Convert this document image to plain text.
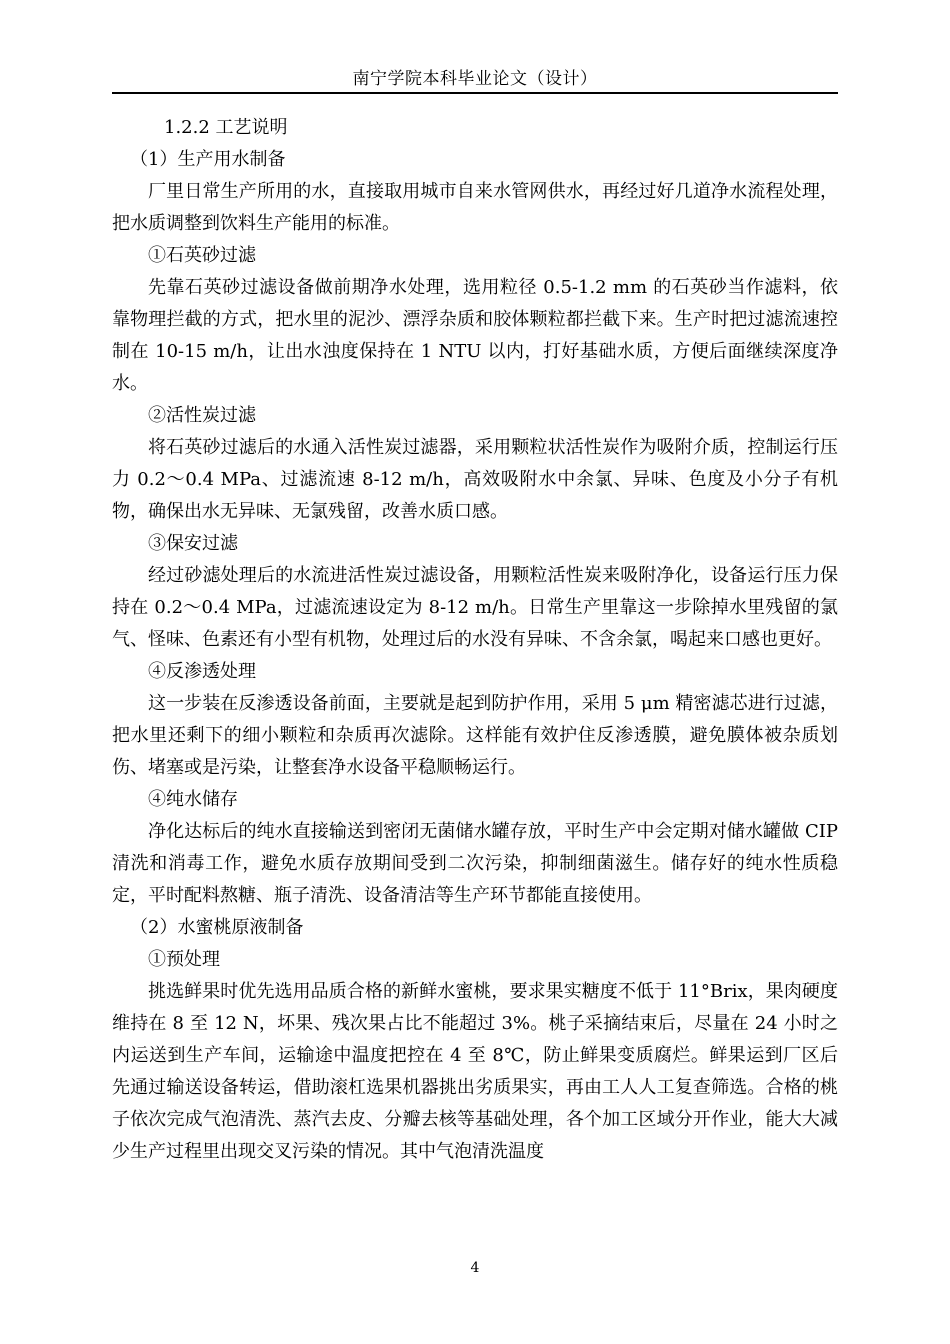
南宁学院本科毕业论文（设计）

1.2.2 工艺说明

（1）生产用水制备

厂里日常生产所用的水，直接取用城市自来水管网供水，再经过好几道净水流程处理，把水质调整到饮料生产能用的标准。

①石英砂过滤

先靠石英砂过滤设备做前期净水处理，选用粒径 0.5-1.2 mm 的石英砂当作滤料，依靠物理拦截的方式，把水里的泥沙、漂浮杂质和胶体颗粒都拦截下来。生产时把过滤流速控制在 10-15 m/h，让出水浊度保持在 1 NTU 以内，打好基础水质，方便后面继续深度净水。

②活性炭过滤

将石英砂过滤后的水通入活性炭过滤器，采用颗粒状活性炭作为吸附介质，控制运行压力 0.2～0.4 MPa、过滤流速 8-12 m/h，高效吸附水中余氯、异味、色度及小分子有机物，确保出水无异味、无氯残留，改善水质口感。

③保安过滤

经过砂滤处理后的水流进活性炭过滤设备，用颗粒活性炭来吸附净化，设备运行压力保持在 0.2～0.4 MPa，过滤流速设定为 8-12 m/h。日常生产里靠这一步除掉水里残留的氯气、怪味、色素还有小型有机物，处理过后的水没有异味、不含余氯，喝起来口感也更好。

④反渗透处理

这一步装在反渗透设备前面，主要就是起到防护作用，采用 5 μm 精密滤芯进行过滤，把水里还剩下的细小颗粒和杂质再次滤除。这样能有效护住反渗透膜，避免膜体被杂质划伤、堵塞或是污染，让整套净水设备平稳顺畅运行。

④纯水储存

净化达标后的纯水直接输送到密闭无菌储水罐存放，平时生产中会定期对储水罐做 CIP 清洗和消毒工作，避免水质存放期间受到二次污染，抑制细菌滋生。储存好的纯水性质稳定，平时配料熬糖、瓶子清洗、设备清洁等生产环节都能直接使用。

（2）水蜜桃原液制备

①预处理

挑选鲜果时优先选用品质合格的新鲜水蜜桃，要求果实糖度不低于 11°Brix，果肉硬度维持在 8 至 12 N，坏果、残次果占比不能超过 3%。桃子采摘结束后，尽量在 24 小时之内运送到生产车间，运输途中温度把控在 4 至 8℃，防止鲜果变质腐烂。鲜果运到厂区后先通过输送设备转运，借助滚杠选果机器挑出劣质果实，再由工人人工复查筛选。合格的桃子依次完成气泡清洗、蒸汽去皮、分瓣去核等基础处理，各个加工区域分开作业，能大大减少生产过程里出现交叉污染的情况。其中气泡清洗温度

4
